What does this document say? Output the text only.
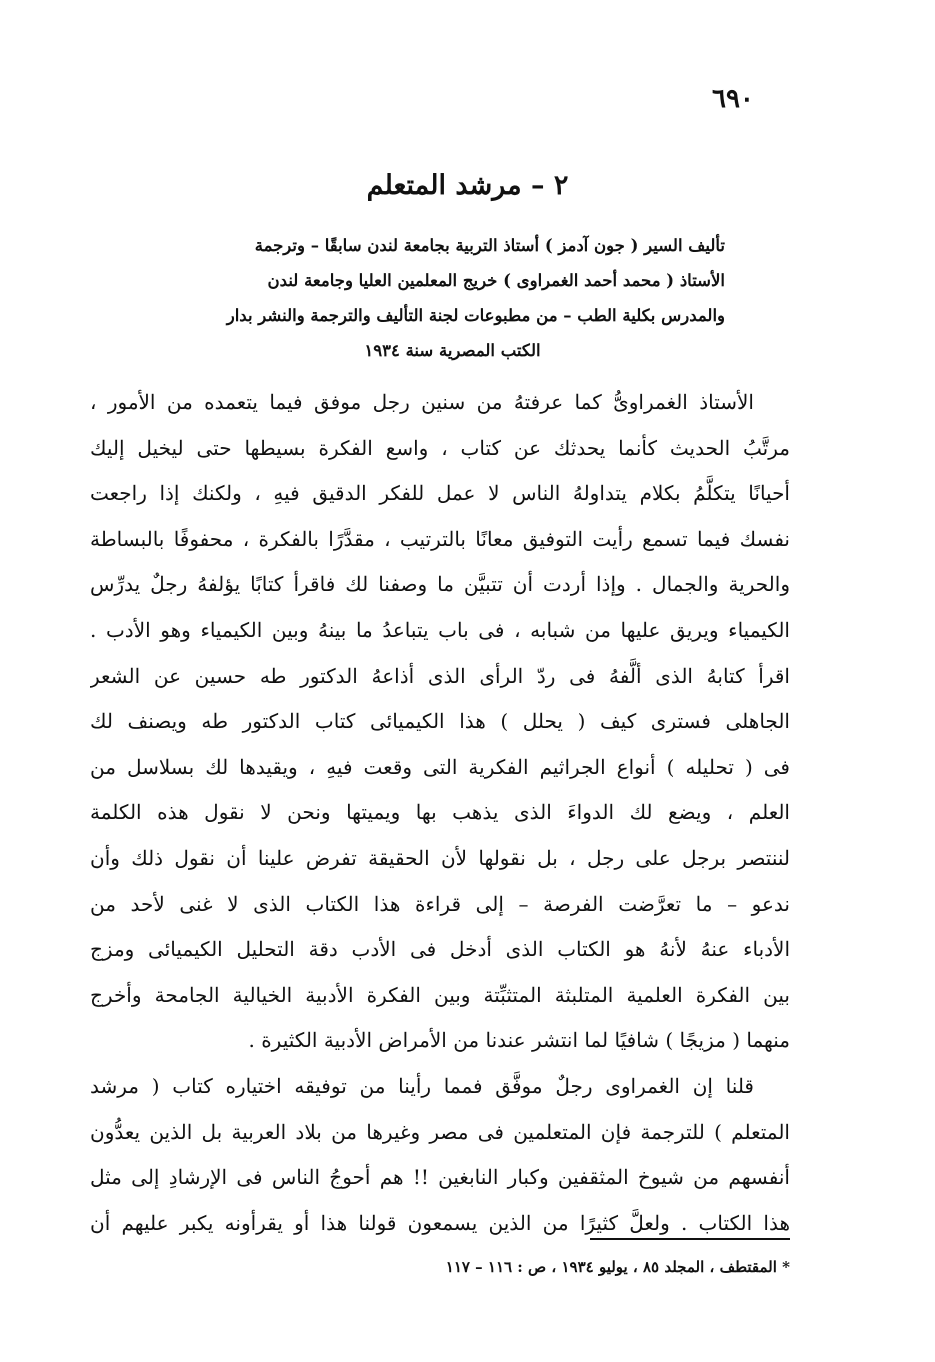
٦٩٠
٢ – مرشد المتعلم
تأليف السير ( جون آدمز ) أستاذ التربية بجامعة لندن سابقًا – وترجمة
الأستاذ ( محمد أحمد الغمراوى ) خريج المعلمين العليا وجامعة لندن
والمدرس بكلية الطب – من مطبوعات لجنة التأليف والترجمة والنشر بدار
الكتب المصرية سنة ١٩٣٤
الأستاذ الغمراوىُّ كما عرفتهُ من سنين رجل موفق فيما يتعمده من الأمور ،
مرتَّبُ الحديث كأنما يحدثك عن كتاب ، واسع الفكرة بسيطها حتى ليخيل إليك
أحيانًا يتكلَّمُ بكلام يتداولهُ الناس لا عمل للفكر الدقيق فيهِ ، ولكنك إذا راجعت
نفسك فيما تسمع رأيت التوفيق معانًا بالترتيب ، مقدَّرًا بالفكرة ، محفوفًا بالبساطة
والحرية والجمال . وإذا أردت أن تتبيَّن ما وصفنا لك فاقرأ كتابًا يؤلفهُ رجلٌ يدرِّس
الكيمياء ويريق عليها من شبابه ، فى باب يتباعدُ ما بينهُ وبين الكيمياء وهو الأدب .
اقرأ كتابهُ الذى ألَّفهُ فى ردّ الرأى الذى أذاعهُ الدكتور طه حسين عن الشعر
الجاهلى فسترى كيف ( يحلل ) هذا الكيميائى كتاب الدكتور طه ويصنف لك
فى ( تحليله ) أنواع الجراثيم الفكرية التى وقعت فيهِ ، ويقيدها لك بسلاسل من
العلم ، ويضع لك الدواءَ الذى يذهب بها ويميتها ونحن لا نقول هذه الكلمة
لننتصر برجل على رجل ، بل نقولها لأن الحقيقة تفرض علينا أن نقول ذلك وأن
ندعو – ما تعرَّضت الفرصة – إلى قراءة هذا الكتاب الذى لا غنى لأحد من
الأدباء عنهُ لأنهُ هو الكتاب الذى أدخل فى الأدب دقة التحليل الكيميائى ومزج
بين الفكرة العلمية المتلبثة المتثبِّتة وبين الفكرة الأدبية الخيالية الجامحة وأخرج
منهما ( مزيجًا ) شافيًا لما انتشر عندنا من الأمراض الأدبية الكثيرة .
قلنا إن الغمراوى رجلٌ موفَّق فمما رأينا من توفيقه اختياره كتاب ( مرشد
المتعلم ) للترجمة فإن المتعلمين فى مصر وغيرها من بلاد العربية بل الذين يعدُّون
أنفسهم من شيوخ المثقفين وكبار النابغين !! هم أحوجُ الناس فى الإرشادِ إلى مثل
هذا الكتاب . ولعلَّ كثيرًا من الذين يسمعون قولنا هذا أو يقرأونه يكبر عليهم أن
* المقتطف ، المجلد ٨٥ ، يوليو ١٩٣٤ ، ص : ١١٦ – ١١٧
